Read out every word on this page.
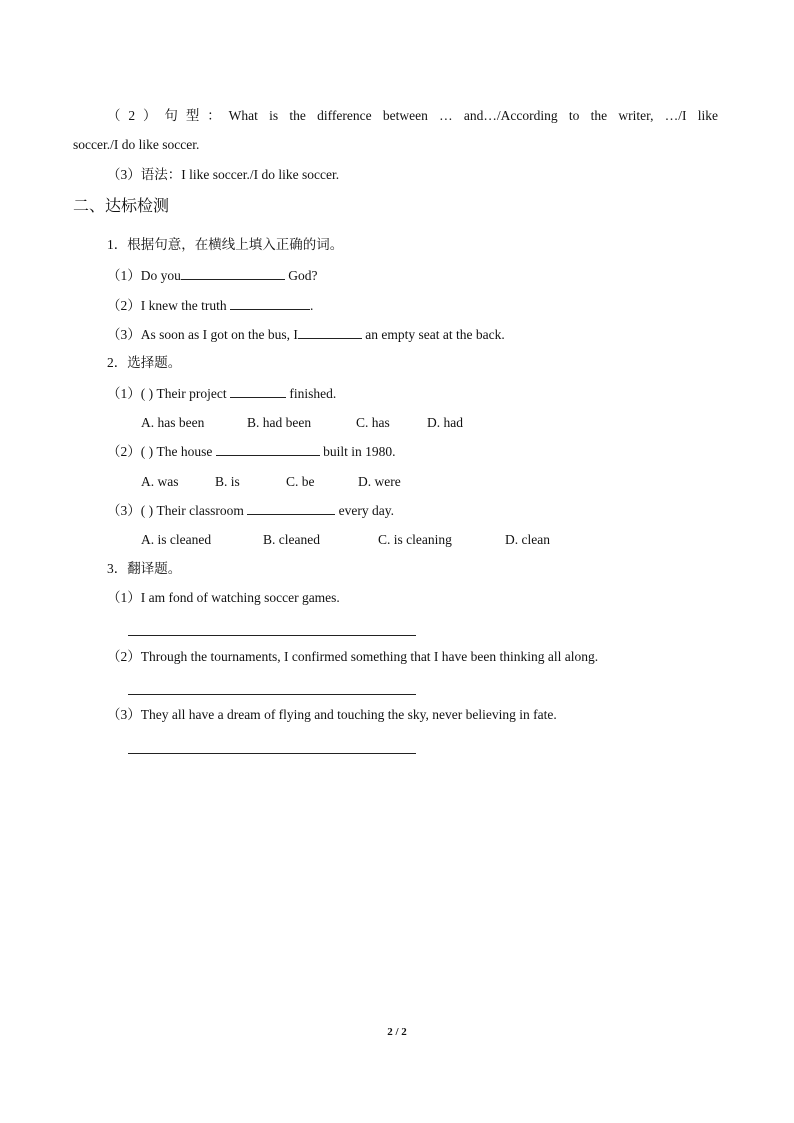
（2）句型：What is the difference between … and…/According to the writer, …/I like
soccer./I do like soccer.
（3）语法：I like soccer./I do like soccer.
二、达标检测
1．根据句意，在横线上填入正确的词。
（1）Do you	God?
（2）I knew the truth	.
（3）As soon as I got on the bus, I	an empty seat at the back.
2．选择题。
（1）( ) Their project	finished.
A. has been	B. had been	C. has	D. had
（2）( ) The house	built in 1980.
A. was	B. is	C. be	D. were
（3）( ) Their classroom	every day.
A. is cleaned	B. cleaned	C. is cleaning	D. clean
3．翻译题。
（1）I am fond of watching soccer games.
（2）Through the tournaments, I confirmed something that I have been thinking all along.
（3）They all have a dream of flying and touching the sky, never believing in fate.
2 / 2
